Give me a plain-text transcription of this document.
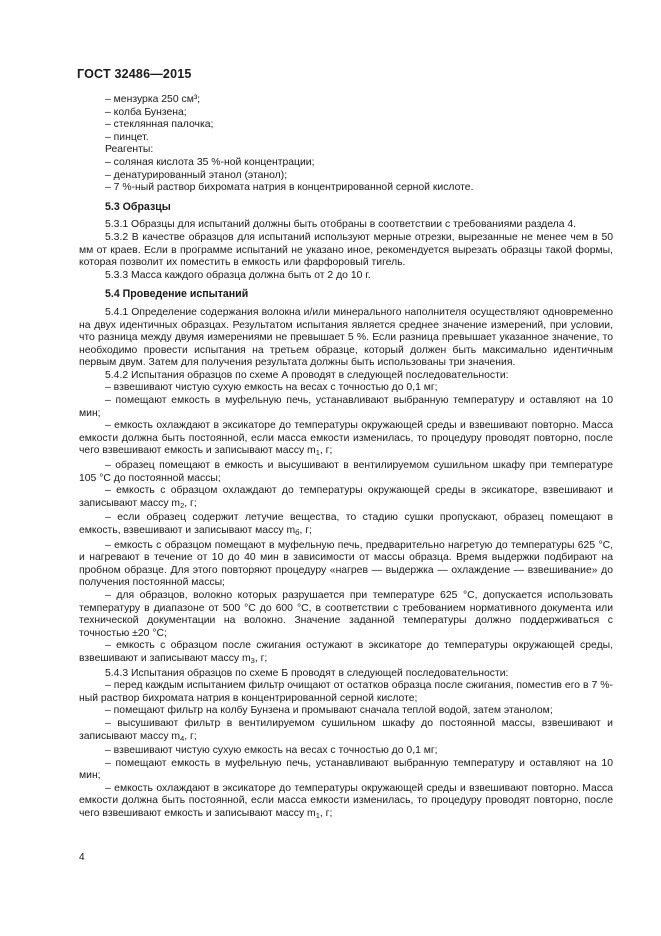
ГОСТ 32486—2015

– мензурка 250 см³;

– колба Бунзена;

– стеклянная палочка;

– пинцет.

Реагенты:

– соляная кислота 35 %-ной концентрации;

– денатурированный этанол (этанол);

– 7 %-ный раствор бихромата натрия в концентрированной серной кислоте.

5.3 Образцы

5.3.1 Образцы для испытаний должны быть отобраны в соответствии с требованиями раздела 4.

5.3.2 В качестве образцов для испытаний используют мерные отрезки, вырезанные не менее чем в 50 мм от краев. Если в программе испытаний не указано иное, рекомендуется вырезать образцы такой формы, которая позволит их поместить в емкость или фарфоровый тигель.

5.3.3 Масса каждого образца должна быть от 2 до 10 г.

5.4 Проведение испытаний

5.4.1 Определение содержания волокна и/или минерального наполнителя осуществляют одновременно на двух идентичных образцах. Результатом испытания является среднее значение измерений, при условии, что разница между двумя измерениями не превышает 5 %. Если разница превышает указанное значение, то необходимо провести испытания на третьем образце, который должен быть максимально идентичным первым двум. Затем для получения результата должны быть использованы три значения.

5.4.2 Испытания образцов по схеме А проводят в следующей последовательности:

– взвешивают чистую сухую емкость на весах с точностью до 0,1 мг;

– помещают емкость в муфельную печь, устанавливают выбранную температуру и оставляют на 10 мин;

– емкость охлаждают в эксикаторе до температуры окружающей среды и взвешивают повторно. Масса емкости должна быть постоянной, если масса емкости изменилась, то процедуру проводят повторно, после чего взвешивают емкость и записывают массу $m_1$, г;

– образец помещают в емкость и высушивают в вентилируемом сушильном шкафу при температуре 105 °С до постоянной массы;

– емкость с образцом охлаждают до температуры окружающей среды в эксикаторе, взвешивают и записывают массу $m_2$, г;

– если образец содержит летучие вещества, то стадию сушки пропускают, образец помещают в емкость, взвешивают и записывают массу $m_б$, г;

– емкость с образцом помещают в муфельную печь, предварительно нагретую до температуры 625 °С, и нагревают в течение от 10 до 40 мин в зависимости от массы образца. Время выдержки подбирают на пробном образце. Для этого повторяют процедуру «нагрев — выдержка — охлаждение — взвешивание» до получения постоянной массы;

– для образцов, волокно которых разрушается при температуре 625 °С, допускается использовать температуру в диапазоне от 500 °С до 600 °С, в соответствии с требованием нормативного документа или технической документации на волокно. Значение заданной температуры должно поддерживаться с точностью ±20 °С;

– емкость с образцом после сжигания остужают в эксикаторе до температуры окружающей среды, взвешивают и записывают массу $m_3$, г;

5.4.3 Испытания образцов по схеме Б проводят в следующей последовательности:

– перед каждым испытанием фильтр очищают от остатков образца после сжигания, поместив его в 7 %-ный раствор бихромата натрия в концентрированной серной кислоте;

– помещают фильтр на колбу Бунзена и промывают сначала теплой водой, затем этанолом;

– высушивают фильтр в вентилируемом сушильном шкафу до постоянной массы, взвешивают и записывают массу $m_4$, г;

– взвешивают чистую сухую емкость на весах с точностью до 0,1 мг;

– помещают емкость в муфельную печь, устанавливают выбранную температуру и оставляют на 10 мин;

– емкость охлаждают в эксикаторе до температуры окружающей среды и взвешивают повторно. Масса емкости должна быть постоянной, если масса емкости изменилась, то процедуру проводят повторно, после чего взвешивают емкость и записывают массу $m_1$, г;

4
